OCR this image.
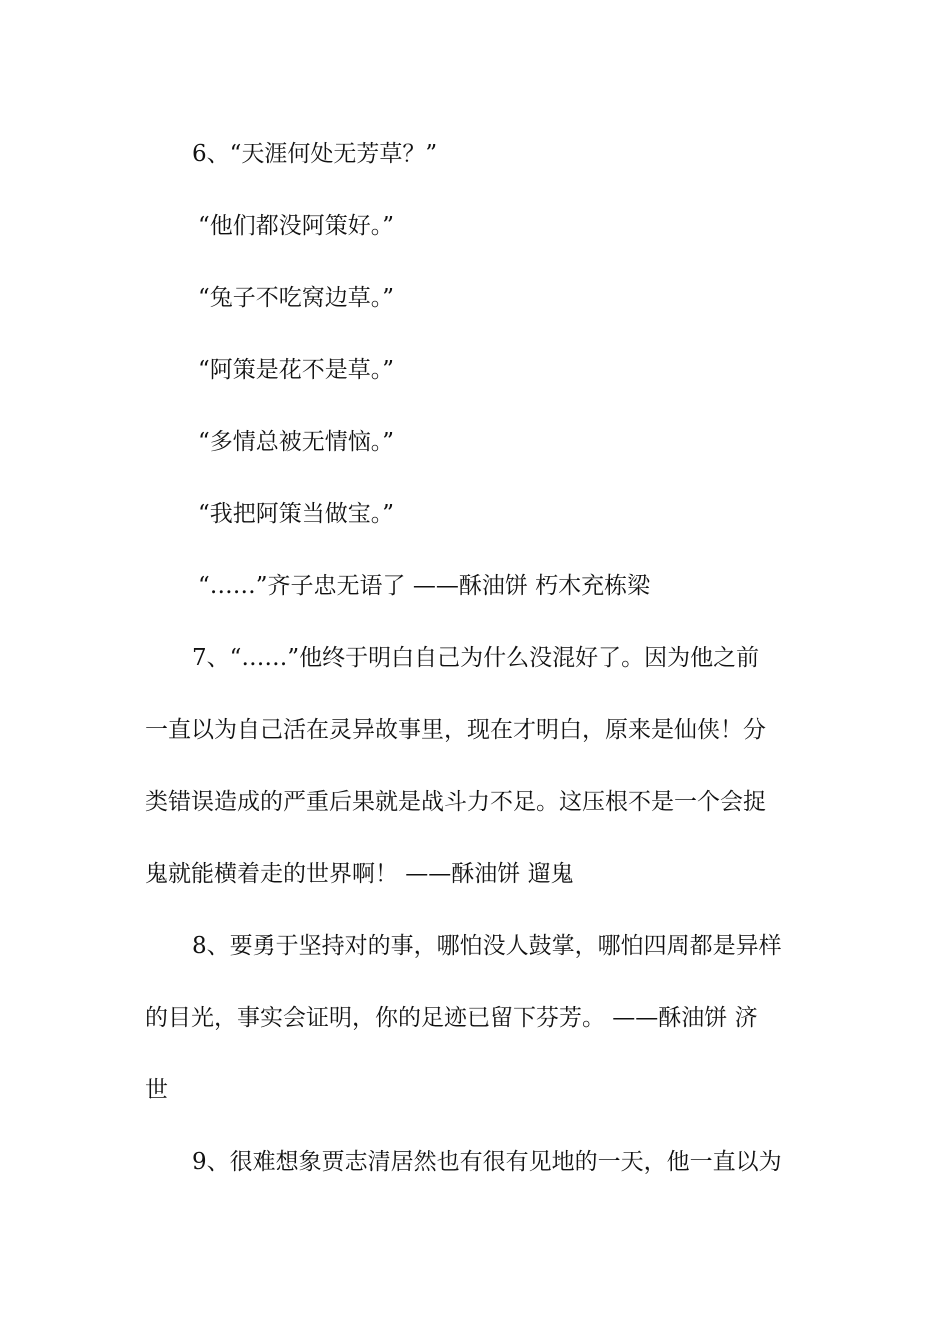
6、“天涯何处无芳草？”
“他们都没阿策好。”
“兔子不吃窝边草。”
“阿策是花不是草。”
“多情总被无情恼。”
“我把阿策当做宝。”
“……”齐子忠无语了 ——酥油饼 朽木充栋梁
7、“……”他终于明白自己为什么没混好了。因为他之前
一直以为自己活在灵异故事里，现在才明白，原来是仙侠！分
类错误造成的严重后果就是战斗力不足。这压根不是一个会捉
鬼就能横着走的世界啊！ ——酥油饼 遛鬼
8、要勇于坚持对的事，哪怕没人鼓掌，哪怕四周都是异样
的目光，事实会证明，你的足迹已留下芬芳。 ——酥油饼 济
世
9、很难想象贾志清居然也有很有见地的一天，他一直以为
